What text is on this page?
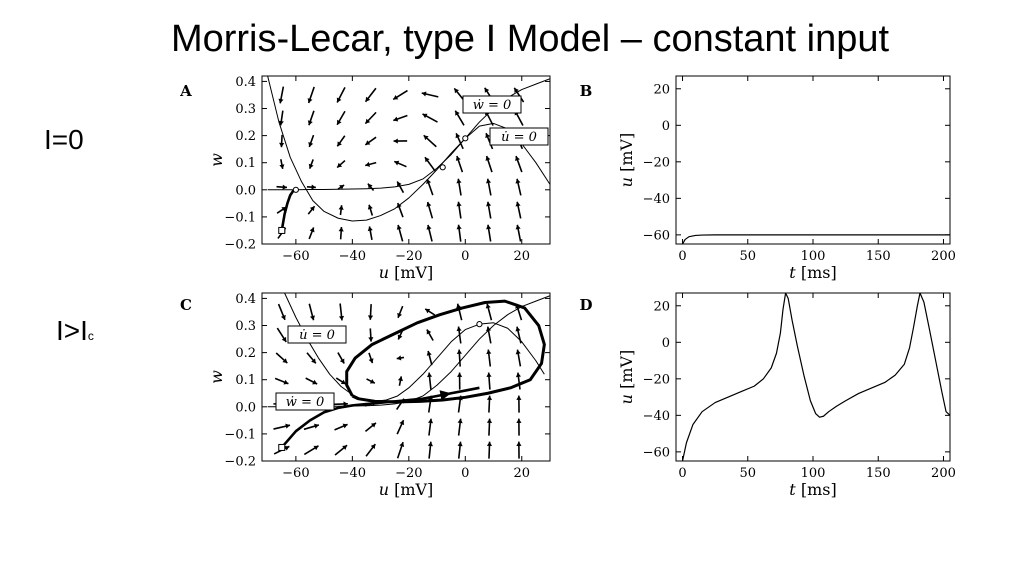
Morris-Lecar, type I Model – constant input
I=0
I>Ic
u [mV]
A
−60 −40 −20	0	20
−0.2
−0.1
0.0
0.1
0.2
0.3
0.4
w
ẇ = 0
u̇ = 0
t [ms]
u [mV]
B
0	50	100	150	200
−60
−40
−20
0
20
u [mV]
C
−60 −40 −20	0	20
−0.2
−0.1
0.0
0.1
0.2
0.3
0.4
w
u̇ = 0
ẇ = 0
t [ms]
u [mV]
D
0	50	100	150	200
−60
−40
−20
0
20
